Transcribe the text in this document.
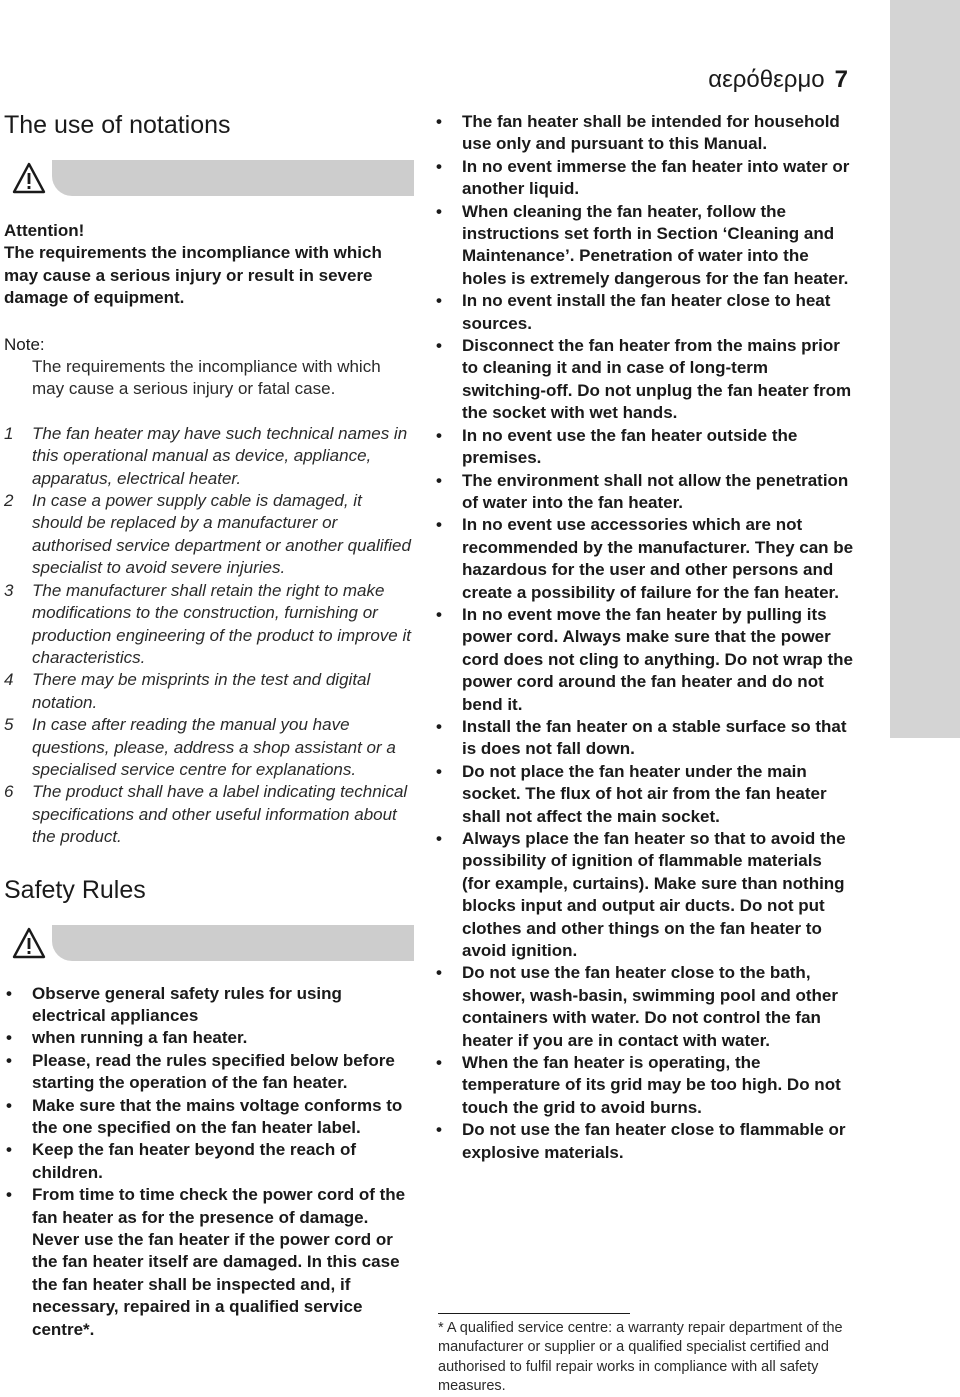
αερόθερμο 7
The use of notations
Attention!
The requirements the incompliance with which may cause a serious injury or result in severe damage of equipment.
Note:
The requirements the incompliance with which may cause a serious injury or fatal case.
1 The fan heater may have such technical names in this operational manual as device, appliance, apparatus, electrical heater.
2 In case a power supply cable is damaged, it should be replaced by a manufacturer or authorised service department or another qualified specialist to avoid severe injuries.
3 The manufacturer shall retain the right to make modifications to the construction, furnishing or production engineering of the product to improve it characteristics.
4 There may be misprints in the test and digital notation.
5 In case after reading the manual you have questions, please, address a shop assistant or a specialised service centre for explanations.
6 The product shall have a label indicating technical specifications and other useful information about the product.
Safety Rules
• Observe general safety rules for using electrical appliances
• when running a fan heater.
• Please, read the rules specified below before starting the operation of the fan heater.
• Make sure that the mains voltage conforms to the one specified on the fan heater label.
• Keep the fan heater beyond the reach of children.
• From time to time check the power cord of the fan heater as for the presence of damage. Never use the fan heater if the power cord or the fan heater itself are damaged. In this case the fan heater shall be inspected and, if necessary, repaired in a qualified service centre*.
• The fan heater shall be intended for household use only and pursuant to this Manual.
• In no event immerse the fan heater into water or another liquid.
• When cleaning the fan heater, follow the instructions set forth in Section ‘Cleaning and Maintenance’. Penetration of water into the holes is extremely dangerous for the fan heater.
• In no event install the fan heater close to heat sources.
• Disconnect the fan heater from the mains prior to cleaning it and in case of long-term switching-off. Do not unplug the fan heater from the socket with wet hands.
• In no event use the fan heater outside the premises.
• The environment shall not allow the penetration of water into the fan heater.
• In no event use accessories which are not recommended by the manufacturer. They can be hazardous for the user and other persons and create a possibility of failure for the fan heater.
• In no event move the fan heater by pulling its power cord. Always make sure that the power cord does not cling to anything. Do not wrap the power cord around the fan heater and do not bend it.
• Install the fan heater on a stable surface so that is does not fall down.
• Do not place the fan heater under the main socket. The flux of hot air from the fan heater shall not affect the main socket.
• Always place the fan heater so that to avoid the possibility of ignition of flammable materials (for example, curtains). Make sure than nothing blocks input and output air ducts. Do not put clothes and other things on the fan heater to avoid ignition.
• Do not use the fan heater close to the bath, shower, wash-basin, swimming pool and other containers with water. Do not control the fan heater if you are in contact with water.
• When the fan heater is operating, the temperature of its grid may be too high. Do not touch the grid to avoid burns.
• Do not use the fan heater close to flammable or explosive materials.
* A qualified service centre: a warranty repair department of the manufacturer or supplier or a qualified specialist certified and authorised to fulfil repair works in compliance with all safety measures.
